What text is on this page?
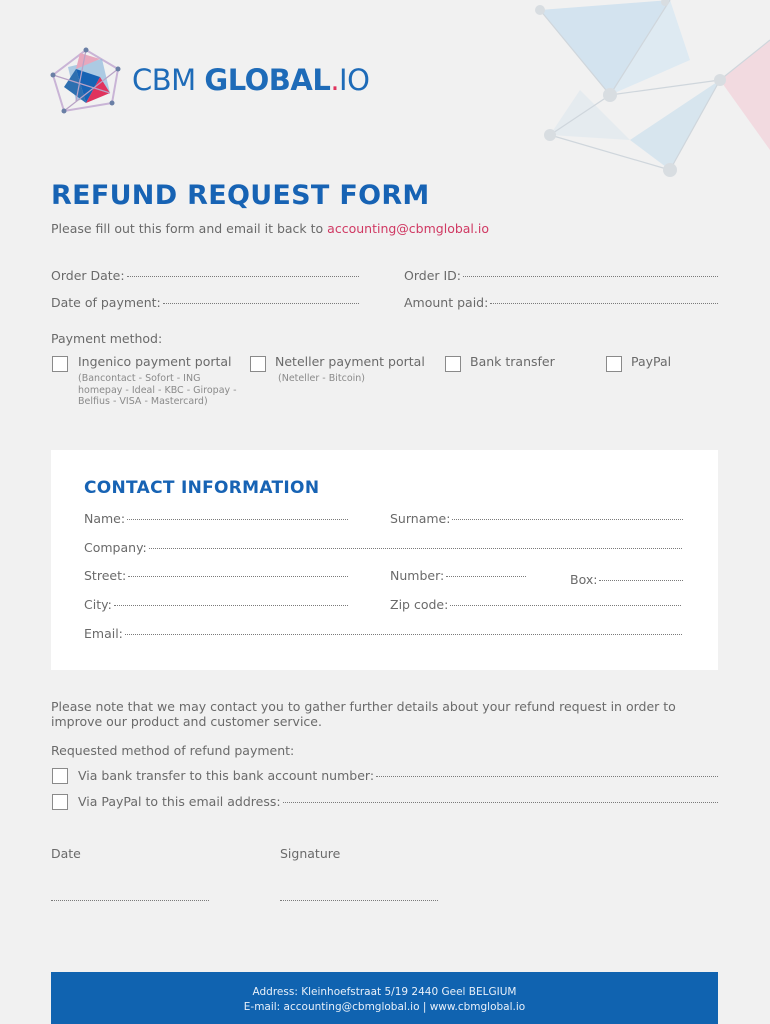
CBM GLOBAL.IO
REFUND REQUEST FORM
Please fill out this form and email it back to accounting@cbmglobal.io
Order Date:	Order ID:
Date of payment:	Amount paid:
Payment method:
Ingenico payment portal
(Bancontact - Sofort - ING homepay - Ideal - KBC - Giropay - Belfius - VISA - Mastercard)
Neteller payment portal
(Neteller - Bitcoin)
Bank transfer	PayPal
CONTACT INFORMATION
Name:	Surname:
Company:
Street:	Number:	Box:
City:	Zip code:
Email:
Please note that we may contact you to gather further details about your refund request in order to improve our product and customer service.
Requested method of refund payment:
Via bank transfer to this bank account number:
Via PayPal to this email address:
Date	Signature
Address: Kleinhoefstraat 5/19 2440 Geel BELGIUM
E-mail: accounting@cbmglobal.io | www.cbmglobal.io
